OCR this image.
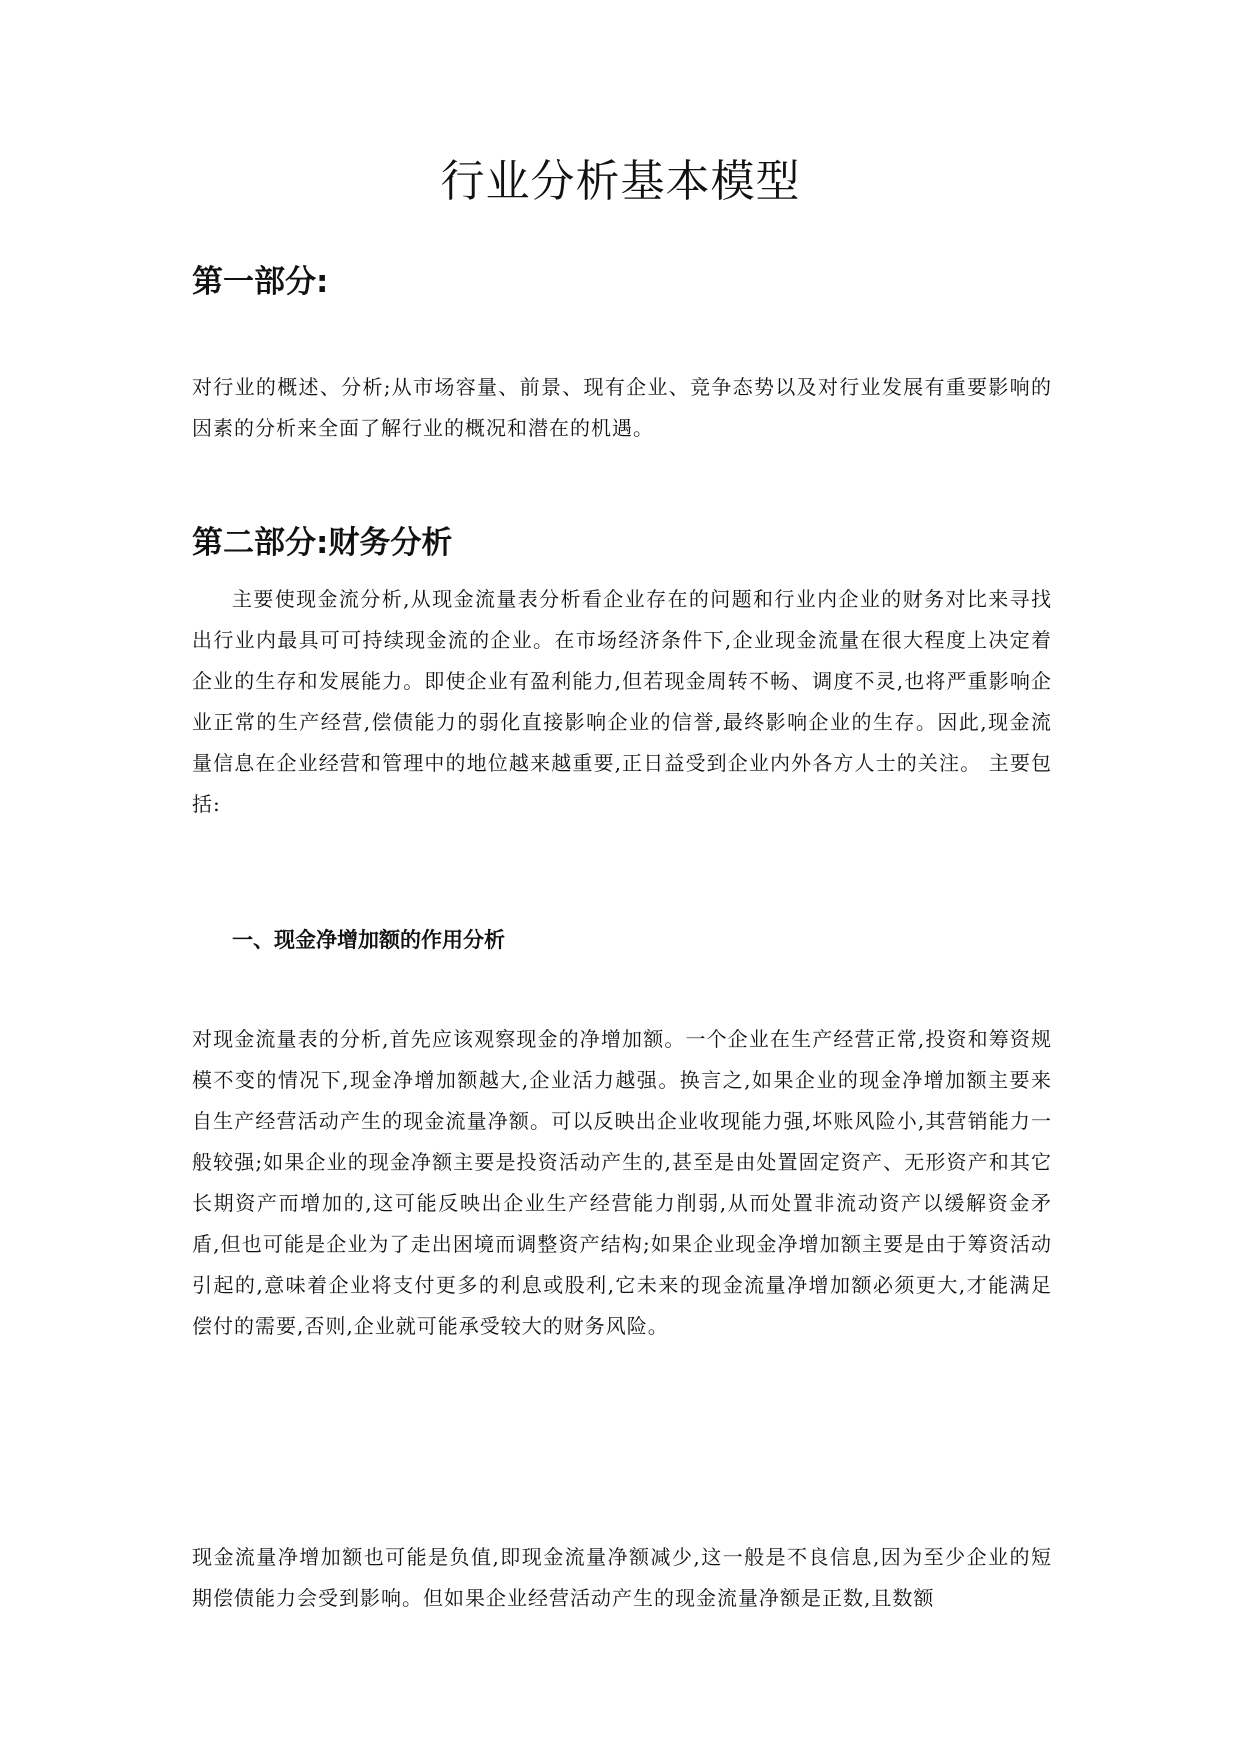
行业分析基本模型
第一部分:

对行业的概述、分析;从市场容量、前景、现有企业、竞争态势以及对行业发展有重要影响的因素的分析来全面了解行业的概况和潜在的机遇。

第二部分:财务分析

主要使现金流分析,从现金流量表分析看企业存在的问题和行业内企业的财务对比来寻找出行业内最具可可持续现金流的企业。在市场经济条件下,企业现金流量在很大程度上决定着企业的生存和发展能力。即使企业有盈利能力,但若现金周转不畅、调度不灵,也将严重影响企业正常的生产经营,偿债能力的弱化直接影响企业的信誉,最终影响企业的生存。因此,现金流量信息在企业经营和管理中的地位越来越重要,正日益受到企业内外各方人士的关注。 主要包括:

一、现金净增加额的作用分析

对现金流量表的分析,首先应该观察现金的净增加额。一个企业在生产经营正常,投资和筹资规模不变的情况下,现金净增加额越大,企业活力越强。换言之,如果企业的现金净增加额主要来自生产经营活动产生的现金流量净额。可以反映出企业收现能力强,坏账风险小,其营销能力一般较强;如果企业的现金净额主要是投资活动产生的,甚至是由处置固定资产、无形资产和其它长期资产而增加的,这可能反映出企业生产经营能力削弱,从而处置非流动资产以缓解资金矛盾,但也可能是企业为了走出困境而调整资产结构;如果企业现金净增加额主要是由于筹资活动引起的,意味着企业将支付更多的利息或股利,它未来的现金流量净增加额必须更大,才能满足偿付的需要,否则,企业就可能承受较大的财务风险。

现金流量净增加额也可能是负值,即现金流量净额减少,这一般是不良信息,因为至少企业的短期偿债能力会受到影响。但如果企业经营活动产生的现金流量净额是正数,且数额
